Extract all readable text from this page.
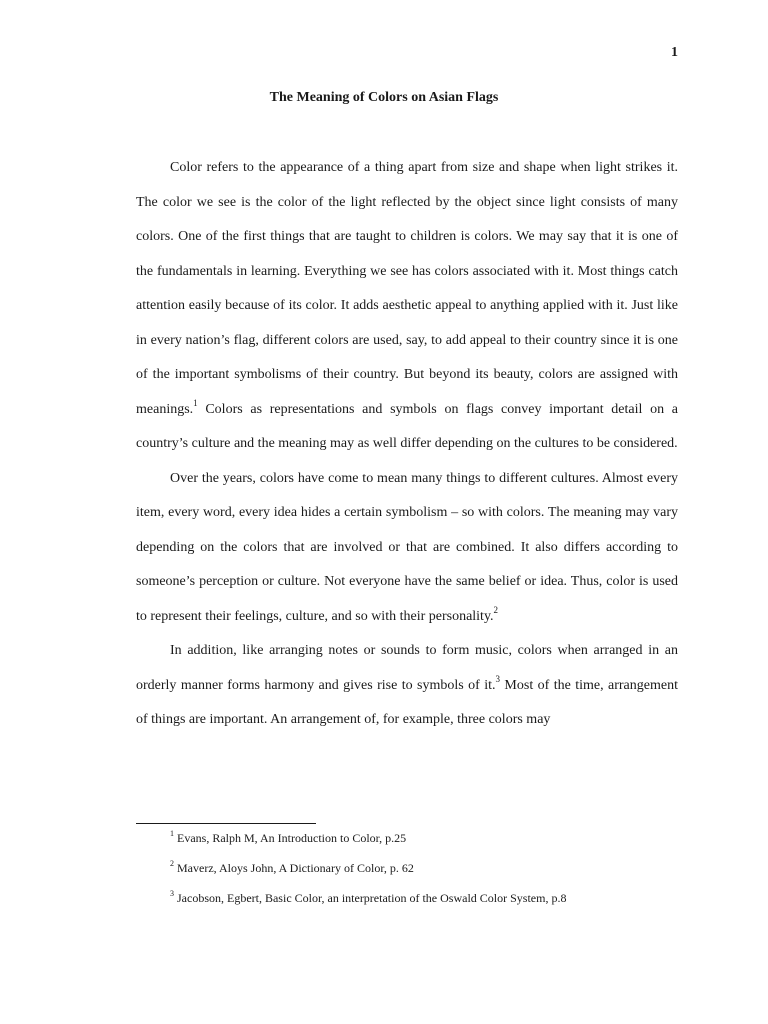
1
The Meaning of Colors on Asian Flags

Color refers to the appearance of a thing apart from size and shape when light strikes it. The color we see is the color of the light reflected by the object since light consists of many colors. One of the first things that are taught to children is colors. We may say that it is one of the fundamentals in learning. Everything we see has colors associated with it. Most things catch attention easily because of its color. It adds aesthetic appeal to anything applied with it. Just like in every nation’s flag, different colors are used, say, to add appeal to their country since it is one of the important symbolisms of their country. But beyond its beauty, colors are assigned with meanings.$^1$ Colors as representations and symbols on flags convey important detail on a country’s culture and the meaning may as well differ depending on the cultures to be considered.

Over the years, colors have come to mean many things to different cultures. Almost every item, every word, every idea hides a certain symbolism – so with colors. The meaning may vary depending on the colors that are involved or that are combined. It also differs according to someone’s perception or culture. Not everyone have the same belief or idea. Thus, color is used to represent their feelings, culture, and so with their personality.$^2$

In addition, like arranging notes or sounds to form music, colors when arranged in an orderly manner forms harmony and gives rise to symbols of it.$^3$ Most of the time, arrangement of things are important. An arrangement of, for example, three colors may

$^1$ Evans, Ralph M, An Introduction to Color, p.25

$^2$ Maverz, Aloys John, A Dictionary of Color, p. 62

$^3$ Jacobson, Egbert, Basic Color, an interpretation of the Oswald Color System, p.8
